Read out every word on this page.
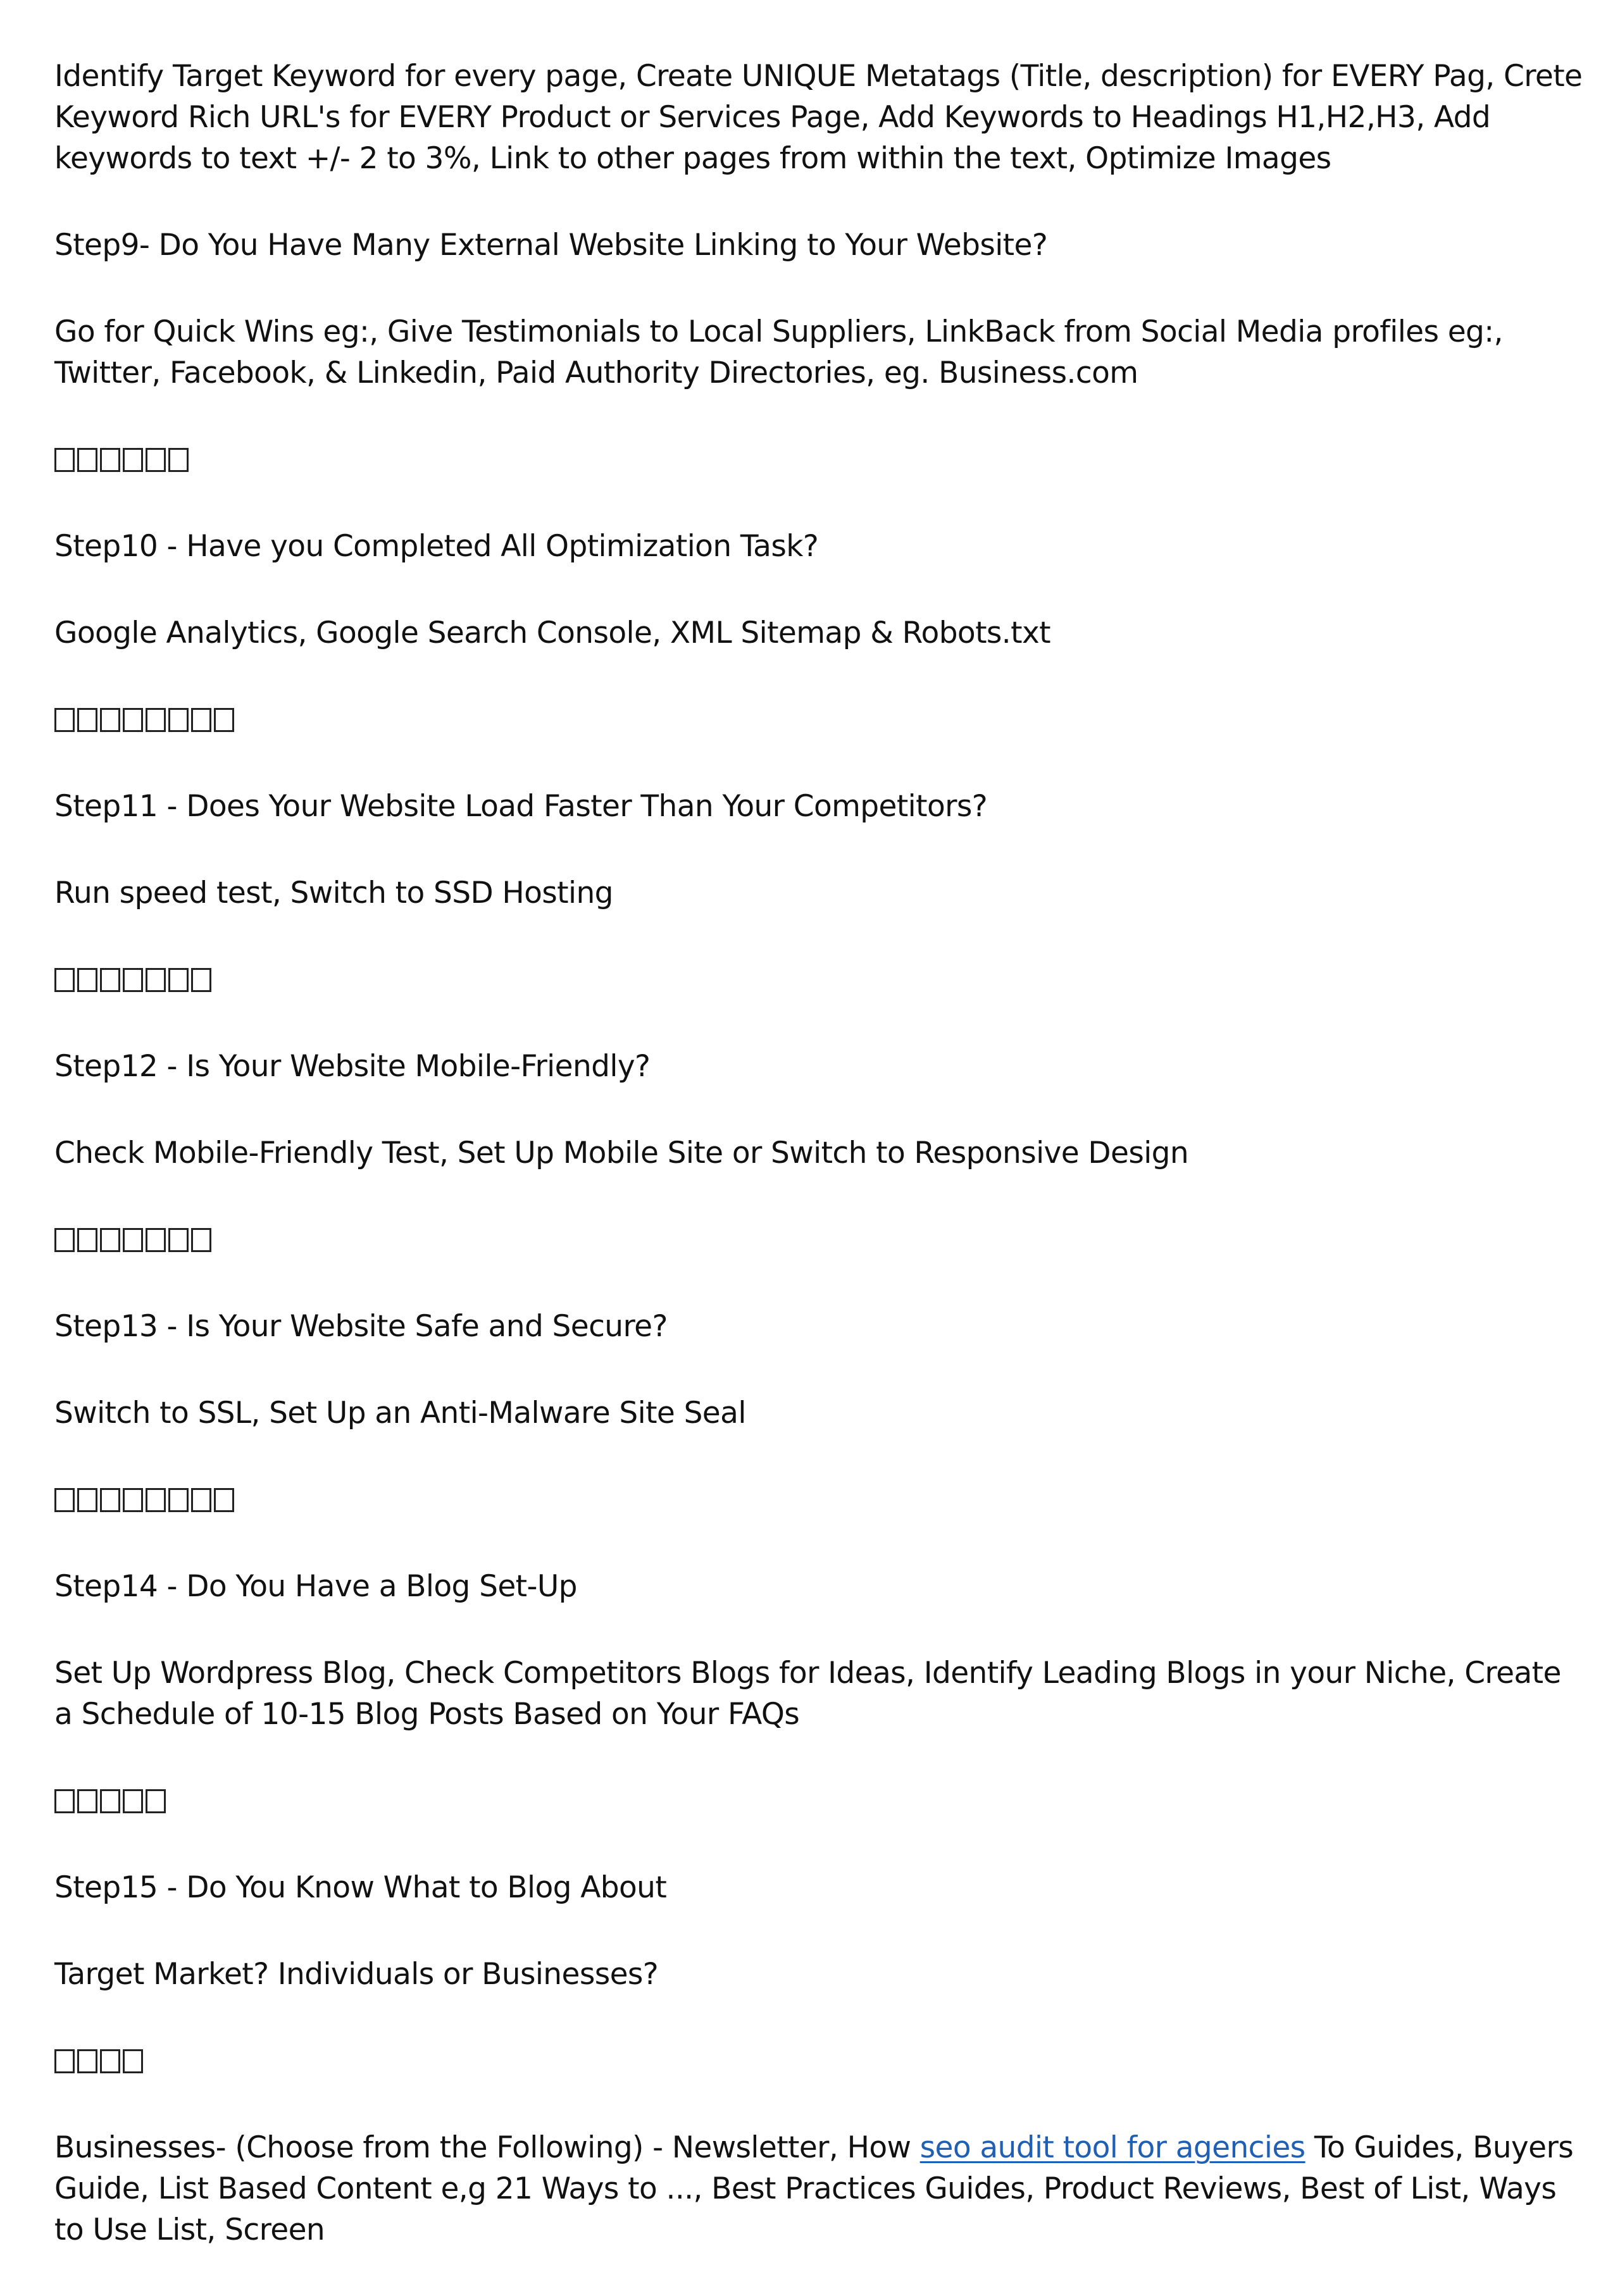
Identify Target Keyword for every page, Create UNIQUE Metatags (Title, description) for EVERY Pag, Crete Keyword Rich URL's for EVERY Product or Services Page, Add Keywords to Headings H1,H2,H3, Add keywords to text +/- 2 to 3%, Link to other pages from within the text, Optimize Images

Step9- Do You Have Many External Website Linking to Your Website?

Go for Quick Wins eg:, Give Testimonials to Local Suppliers, LinkBack from Social Media profiles eg:, Twitter, Facebook, & Linkedin, Paid Authority Directories, eg. Business.com

Step10 - Have you Completed All Optimization Task?

Google Analytics, Google Search Console, XML Sitemap & Robots.txt

Step11 - Does Your Website Load Faster Than Your Competitors?

Run speed test, Switch to SSD Hosting

Step12 - Is Your Website Mobile-Friendly?

Check Mobile-Friendly Test, Set Up Mobile Site or Switch to Responsive Design

Step13 - Is Your Website Safe and Secure?

Switch to SSL, Set Up an Anti-Malware Site Seal

Step14 - Do You Have a Blog Set-Up

Set Up Wordpress Blog, Check Competitors Blogs for Ideas, Identify Leading Blogs in your Niche, Create a Schedule of 10-15 Blog Posts Based on Your FAQs

Step15 - Do You Know What to Blog About

Target Market? Individuals or Businesses?

Businesses- (Choose from the Following) - Newsletter, How seo audit tool for agencies To Guides, Buyers Guide, List Based Content e,g 21 Ways to ..., Best Practices Guides, Product Reviews, Best of List, Ways to Use List, Screen
